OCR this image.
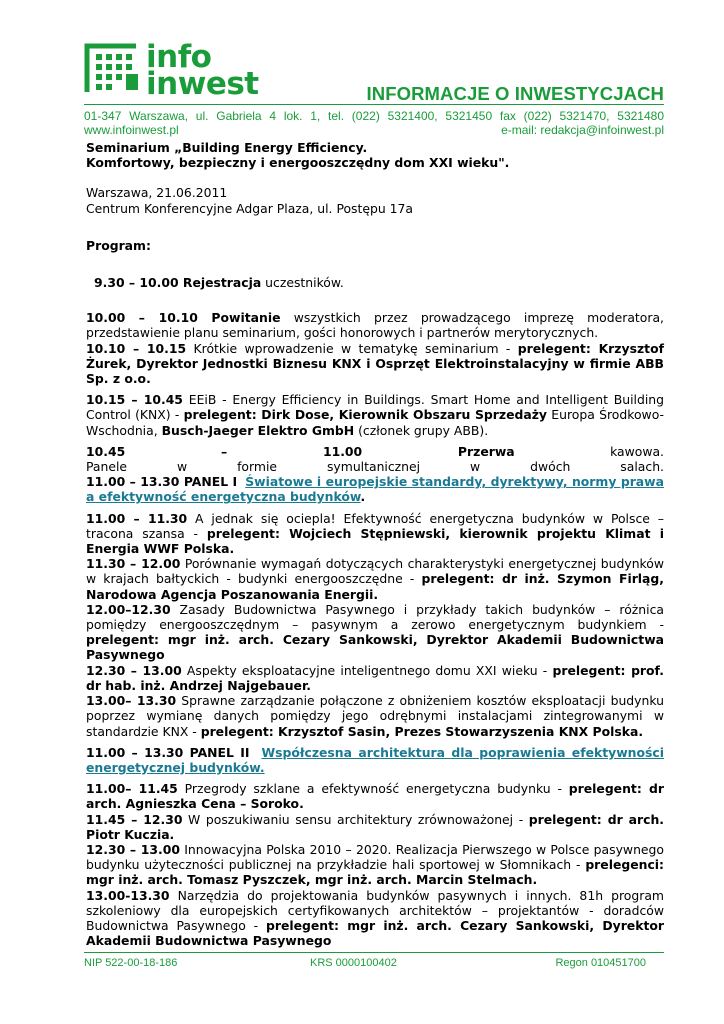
info
inwest	INFORMACJE O INWESTYCJACH
01-347 Warszawa, ul. Gabriela 4 lok. 1, tel. (022) 5321400, 5321450 fax (022) 5321470, 5321480
www.infoinwest.pl	e-mail: redakcja@infoinwest.pl

Seminarium „Building Energy Efficiency.

Komfortowy, bezpieczny i energooszczędny dom XXI wieku".

Warszawa, 21.06.2011

Centrum Konferencyjne Adgar Plaza, ul. Postępu 17a

Program:

9.30 – 10.00 Rejestracja uczestników.

10.00 – 10.10 Powitanie wszystkich przez prowadzącego imprezę moderatora, przedstawienie planu seminarium, gości honorowych i partnerów merytorycznych.

10.10 – 10.15 Krótkie wprowadzenie w tematykę seminarium - prelegent: Krzysztof Żurek, Dyrektor Jednostki Biznesu KNX i Osprzęt Elektroinstalacyjny w firmie ABB Sp. z o.o.

10.15 – 10.45 EEiB - Energy Efficiency in Buildings. Smart Home and Intelligent Building Control (KNX) - prelegent: Dirk Dose, Kierownik Obszaru Sprzedaży Europa Środkowo-Wschodnia, Busch-Jaeger Elektro GmbH (członek grupy ABB).

10.45 – 11.00 Przerwa kawowa.

Panele w formie symultanicznej w dwóch salach.

11.00 – 13.30 PANEL I Światowe i europejskie standardy, dyrektywy, normy prawa a efektywność energetyczna budynków.

11.00 – 11.30 A jednak się ociepla! Efektywność energetyczna budynków w Polsce – tracona szansa - prelegent: Wojciech Stępniewski, kierownik projektu Klimat i Energia WWF Polska.

11.30 – 12.00 Porównanie wymagań dotyczących charakterystyki energetycznej budynków w krajach bałtyckich - budynki energooszczędne - prelegent: dr inż. Szymon Firląg, Narodowa Agencja Poszanowania Energii.

12.00–12.30 Zasady Budownictwa Pasywnego i przykłady takich budynków – różnica pomiędzy energooszczędnym – pasywnym a zerowo energetycznym budynkiem - prelegent: mgr inż. arch. Cezary Sankowski, Dyrektor Akademii Budownictwa Pasywnego

12.30 – 13.00 Aspekty eksploatacyjne inteligentnego domu XXI wieku - prelegent: prof. dr hab. inż. Andrzej Najgebauer.

13.00– 13.30 Sprawne zarządzanie połączone z obniżeniem kosztów eksploatacji budynku poprzez wymianę danych pomiędzy jego odrębnymi instalacjami zintegrowanymi w standardzie KNX - prelegent: Krzysztof Sasin, Prezes Stowarzyszenia KNX Polska.

11.00 – 13.30 PANEL II Współczesna architektura dla poprawienia efektywności energetycznej budynków.

11.00– 11.45 Przegrody szklane a efektywność energetyczna budynku - prelegent: dr arch. Agnieszka Cena – Soroko.

11.45 – 12.30 W poszukiwaniu sensu architektury zrównoważonej - prelegent: dr arch. Piotr Kuczia.

12.30 – 13.00 Innowacyjna Polska 2010 – 2020. Realizacja Pierwszego w Polsce pasywnego budynku użyteczności publicznej na przykładzie hali sportowej w Słomnikach - prelegenci: mgr inż. arch. Tomasz Pyszczek, mgr inż. arch. Marcin Stelmach.

13.00-13.30 Narzędzia do projektowania budynków pasywnych i innych. 81h program szkoleniowy dla europejskich certyfikowanych architektów – projektantów - doradców Budownictwa Pasywnego - prelegent: mgr inż. arch. Cezary Sankowski, Dyrektor Akademii Budownictwa Pasywnego

NIP 522-00-18-186	KRS 0000100402	Regon 010451700
